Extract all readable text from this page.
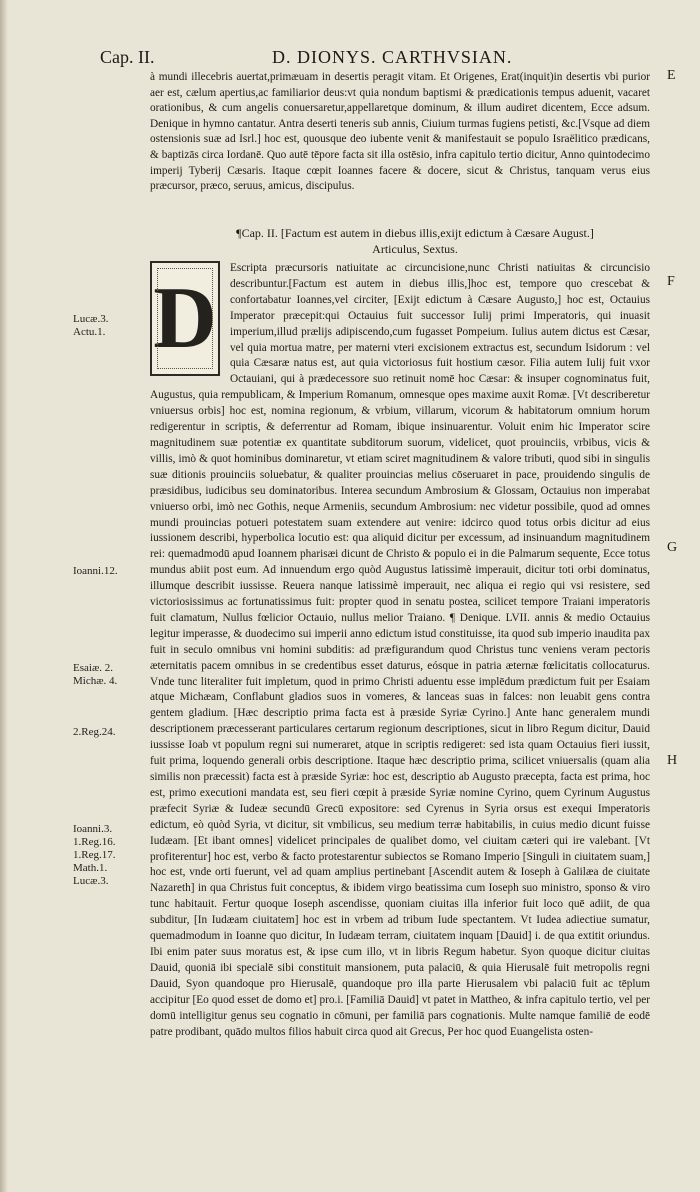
Cap. II.	D. DIONYS. CARTHVSIAN.
E
F
G
H
à mundi illecebris auertat,primæuam in desertis peragit vitam. Et Origenes, Erat(inquit)in desertis vbi purior aer est, cælum apertius,ac familiarior deus:vt quia nondum baptismi & prædicationis tempus aduenit, vacaret orationibus, & cum angelis conuersaretur,appellaretque dominum, & illum audiret dicentem, Ecce adsum. Denique in hymno cantatur. Antra deserti teneris sub annis, Ciuium turmas fugiens petisti, &c.[Vsque ad diem ostensionis suæ ad Isrl.] hoc est, quousque deo iubente venit & manifestauit se populo Israëlitico prædicans, & baptizās circa Iordanē. Quo autē tēpore facta sit illa ostēsio, infra capitulo tertio dicitur, Anno quintodecimo imperij Tyberij Cæsaris. Itaque cœpit Ioannes facere & docere, sicut & Christus, tanquam verus eius præcursor, præco, seruus, amicus, discipulus.
¶Cap. II. [Factum est autem in diebus illis,exijt edictum à Cæsare August.]
Articulus, Sextus.
D
Escripta præcursoris natiuitate ac circuncisione,nunc Christi natiuitas & circuncisio describuntur.[Factum est autem in diebus illis,]hoc est, tempore quo crescebat & confortabatur Ioannes,vel circiter, [Exijt edictum à Cæsare Augusto,] hoc est, Octauius Imperator præcepit:qui Octauius fuit successor Iulij primi Imperatoris, qui inuasit imperium,illud prælijs adipiscendo,cum fugasset Pompeium. Iulius autem dictus est Cæsar, vel quia mortua matre, per materni vteri excisionem extractus est, secundum Isidorum : vel quia Cæsaræ natus est, aut quia victoriosus fuit hostium cæsor. Filia autem Iulij fuit vxor Octauiani, qui à prædecessore suo retinuit nomē hoc Cæsar: & insuper cognominatus fuit, Augustus, quia rempublicam, & Imperium Romanum, omnesque opes maxime auxit Romæ. [Vt describeretur vniuersus orbis] hoc est, nomina regionum, & vrbium, villarum, vicorum & habitatorum omnium horum redigerentur in scriptis, & deferrentur ad Romam, ibique insinuarentur. Voluit enim hic Imperator scire magnitudinem suæ potentiæ ex quantitate subditorum suorum, videlicet, quot prouinciis, vrbibus, vicis & villis, imò & quot hominibus dominaretur, vt etiam sciret magnitudinem & valore tributi, quod sibi in singulis suæ ditionis prouinciis soluebatur, & qualiter prouincias melius cōseruaret in pace, prouidendo singulis de præsidibus, iudicibus seu dominatoribus. Interea secundum Ambrosium & Glossam, Octauius non imperabat vniuerso orbi, imò nec Gothis, neque Armeniis, secundum Ambrosium: nec videtur possibile, quod ad omnes mundi prouincias potueri potestatem suam extendere aut venire: idcirco quod totus orbis dicitur ad eius iussionem describi, hyperbolica locutio est: qua aliquid dicitur per excessum, ad insinuandum magnitudinem rei: quemadmodū apud Ioannem pharisæi dicunt de Christo & populo ei in die Palmarum sequente, Ecce totus mundus abiit post eum. Ad innuendum ergo quòd Augustus latissimè imperauit, dicitur toti orbi dominatus, illumque describit iussisse. Reuera nanque latissimè imperauit, nec aliqua ei regio qui vsi resistere, sed victoriosissimus ac fortunatissimus fuit: propter quod in senatu postea, scilicet tempore Traiani imperatoris fuit clamatum, Nullus fœlicior Octauio, nullus melior Traiano. ¶ Denique. LVII. annis & medio Octauius legitur imperasse, & duodecimo sui imperii anno edictum istud constituisse, ita quod sub imperio inaudita pax fuit in seculo omnibus vni homini subditis: ad præfigurandum quod Christus tunc veniens veram pectoris æternitatis pacem omnibus in se credentibus esset daturus, eósque in patria æternæ fœlicitatis collocaturus. Vnde tunc literaliter fuit impletum, quod in primo Christi aduentu esse implēdum prædictum fuit per Esaiam atque Michæam, Conflabunt gladios suos in vomeres, & lanceas suas in falces: non leuabit gens contra gentem gladium. [Hæc descriptio prima facta est à præside Syriæ Cyrino.] Ante hanc generalem mundi descriptionem præcesserant particulares certarum regionum descriptiones, sicut in libro Regum dicitur, Dauid iussisse Ioab vt populum regni sui numeraret, atque in scriptis redigeret: sed ista quam Octauius fieri iussit, fuit prima, loquendo generali orbis descriptione. Itaque hæc descriptio prima, scilicet vniuersalis (quam alia similis non præcessit) facta est à præside Syriæ: hoc est, descriptio ab Augusto præcepta, facta est prima, hoc est, primo executioni mandata est, seu fieri cœpit à præside Syriæ nomine Cyrino, quem Cyrinum Augustus præfecit Syriæ & Iudeæ secundū Grecū expositore: sed Cyrenus in Syria orsus est exequi Imperatoris edictum, eò quòd Syria, vt dicitur, sit vmbilicus, seu medium terræ habitabilis, in cuius medio dicunt fuisse Iudæam. [Et ibant omnes] videlicet principales de qualibet domo, vel ciuitam cæteri qui ire valebant. [Vt profiterentur] hoc est, verbo & facto protestarentur subiectos se Romano Imperio [Singuli in ciuitatem suam,] hoc est, vnde orti fuerunt, vel ad quam amplius pertinebant [Ascendit autem & Ioseph à Galilæa de ciuitate Nazareth] in qua Christus fuit conceptus, & ibidem virgo beatissima cum Ioseph suo ministro, sponso & viro tunc habitauit. Fertur quoque Ioseph ascendisse, quoniam ciuitas illa inferior fuit loco quē adiit, de qua subditur, [In Iudæam ciuitatem] hoc est in vrbem ad tribum Iude spectantem. Vt Iudea adiectiue sumatur, quemadmodum in Ioanne quo dicitur, In Iudæam terram, ciuitatem inquam [Dauid] i. de qua extitit oriundus. Ibi enim pater suus moratus est, & ipse cum illo, vt in libris Regum habetur. Syon quoque dicitur ciuitas Dauid, quoniā ibi specialē sibi constituit mansionem, puta palaciū, & quia Hierusalē fuit metropolis regni Dauid, Syon quandoque pro Hierusalē, quandoque pro illa parte Hierusalem vbi palaciū fuit ac tēplum accipitur [Eo quod esset de domo et] pro.i. [Familiā Dauid] vt patet in Mattheo, & infra capitulo tertio, vel per domū intelligitur genus seu cognatio in cōmuni, per familiā pars cognationis. Multe namque familiē de eodē patre prodibant, quādo multos filios habuit circa quod ait Grecus, Per hoc quod Euangelista osten-
Lucæ.3. Actu.1.
Ioanni.12.
Esaiæ. 2. Michæ. 4.
2.Reg.24.
Ioanni.3. 1.Reg.16. 1.Reg.17. Math.1. Lucæ.3.
